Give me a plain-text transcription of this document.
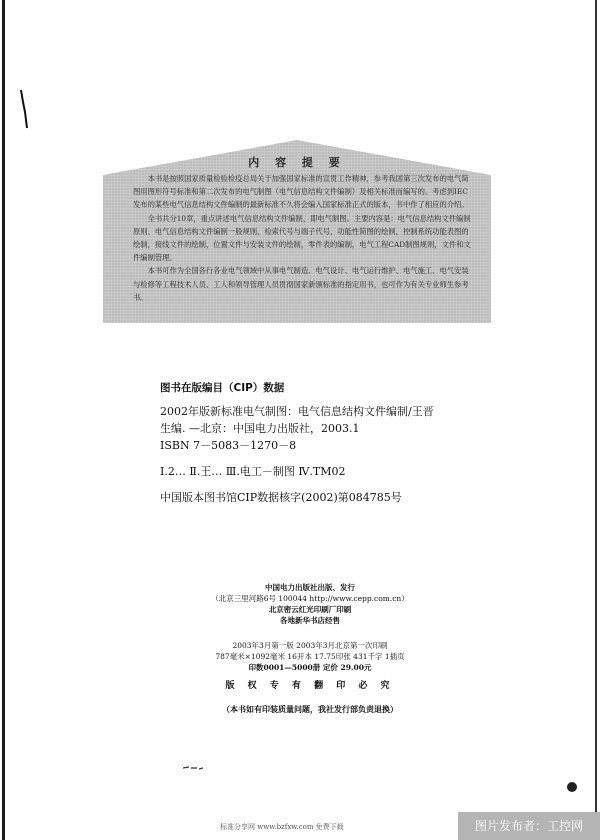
内 容 提 要

本书是按照国家质量检验检疫总局关于加强国家标准的宣贯工作精神，参考我国第三次发布的电气简图用图形符号标准和第二次发布的电气制图（电气信息结构文件编制）及相关标准而编写的。考虑到IEC发布的某些电气信息结构文件编制的最新标准不久将会编入国家标准正式的版本，书中作了相应的介绍。

全书共分10章，重点讲述电气信息结构文件编制，即电气制图。主要内容是：电气信息结构文件编制原则、电气信息结构文件编制一般规则，检索代号与端子代号，功能性简图的绘制，控制系统功能表图的绘制，接线文件的绘制，位置文件与安装文件的绘制，零件表的编制，电气工程CAD制图规则，文件和文件编制管理。

本书可作为全国各行各业电气领域中从事电气制造、电气设计、电气运行维护、电气施工、电气安装与检修等工程技术人员、工人和领导管理人员贯彻国家新颁标准的指定用书，也可作为有关专业师生参考书。

图书在版编目（CIP）数据

2002年版新标准电气制图：电气信息结构文件编制/王晋

生编. —北京：中国电力出版社，2003.1

ISBN 7－5083－1270－8

Ⅰ.2… Ⅱ.王… Ⅲ.电工－制图 Ⅳ.TM02

中国版本图书馆CIP数据核字(2002)第084785号

中国电力出版社出版、发行

（北京三里河路6号 100044 http://www.cepp.com.cn）

北京密云红光印刷厂印刷

各地新华书店经售

2003年3月第一版 2003年3月北京第一次印刷

787毫米×1092毫米 16开本 17.75印张 431千字 1插页

印数0001—5000册 定价 29.00元

版 权 专 有 翻 印 必 究

（本书如有印装质量问题，我社发行部负责退换）

标准分享网 www.bzfxw.com 免费下载	图片发布者：工控网
